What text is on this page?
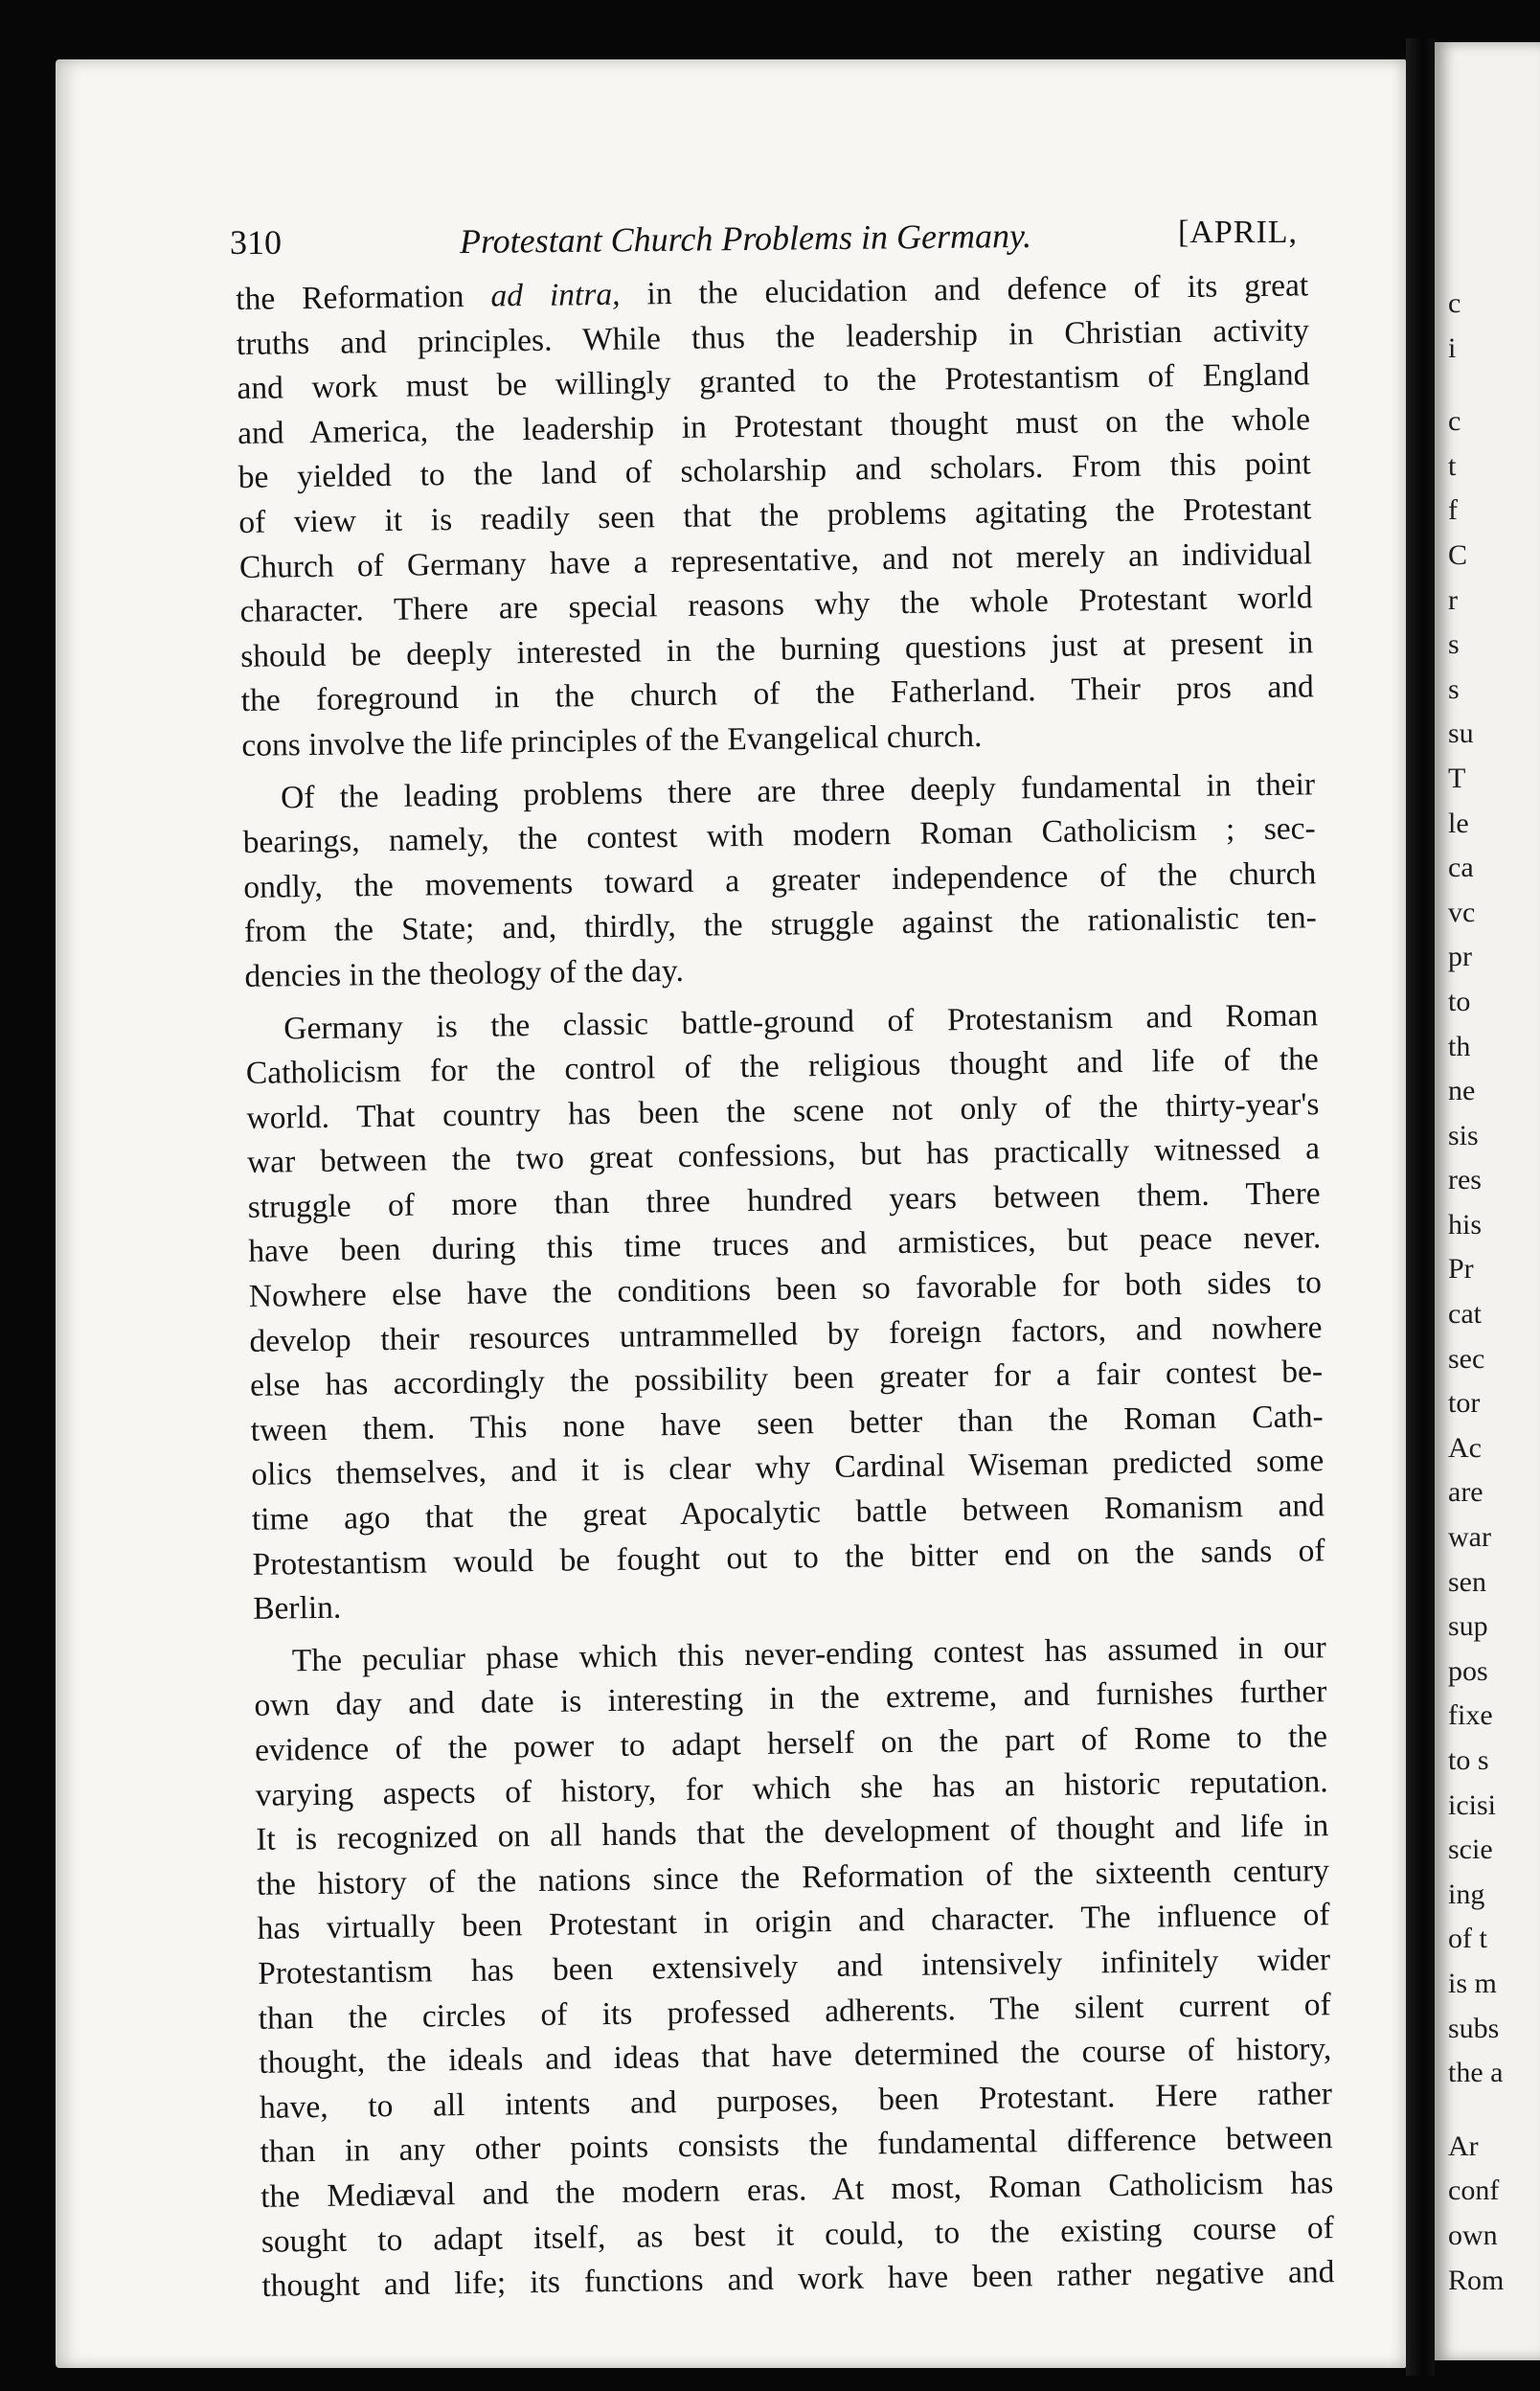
310	Protestant Church Problems in Germany.	[APRIL,
the Reformation ad intra, in the elucidation and defence of its great
truths and principles. While thus the leadership in Christian activity
and work must be willingly granted to the Protestantism of England
and America, the leadership in Protestant thought must on the whole
be yielded to the land of scholarship and scholars. From this point
of view it is readily seen that the problems agitating the Protestant
Church of Germany have a representative, and not merely an individual
character. There are special reasons why the whole Protestant world
should be deeply interested in the burning questions just at present in
the foreground in the church of the Fatherland. Their pros and
cons involve the life principles of the Evangelical church.
Of the leading problems there are three deeply fundamental in their
bearings, namely, the contest with modern Roman Catholicism ; sec-
ondly, the movements toward a greater independence of the church
from the State; and, thirdly, the struggle against the rationalistic ten-
dencies in the theology of the day.
Germany is the classic battle-ground of Protestanism and Roman
Catholicism for the control of the religious thought and life of the
world. That country has been the scene not only of the thirty-year's
war between the two great confessions, but has practically witnessed a
struggle of more than three hundred years between them. There
have been during this time truces and armistices, but peace never.
Nowhere else have the conditions been so favorable for both sides to
develop their resources untrammelled by foreign factors, and nowhere
else has accordingly the possibility been greater for a fair contest be-
tween them. This none have seen better than the Roman Cath-
olics themselves, and it is clear why Cardinal Wiseman predicted some
time ago that the great Apocalytic battle between Romanism and
Protestantism would be fought out to the bitter end on the sands of
Berlin.
The peculiar phase which this never-ending contest has assumed in our
own day and date is interesting in the extreme, and furnishes further
evidence of the power to adapt herself on the part of Rome to the
varying aspects of history, for which she has an historic reputation.
It is recognized on all hands that the development of thought and life in
the history of the nations since the Reformation of the sixteenth century
has virtually been Protestant in origin and character. The influence of
Protestantism has been extensively and intensively infinitely wider
than the circles of its professed adherents. The silent current of
thought, the ideals and ideas that have determined the course of history,
have, to all intents and purposes, been Protestant. Here rather
than in any other points consists the fundamental difference between
the Mediæval and the modern eras. At most, Roman Catholicism has
sought to adapt itself, as best it could, to the existing course of
thought and life; its functions and work have been rather negative and
c
i
c
t
f
C
r
s
s
su
T
le
ca
vc
pr
to
th
ne
sis
res
his
Pr
cat
sec
tor
Ac
are
war
sen
sup
pos
fixe
to s
icisi
scie
ing
of t
is m
subs
the a
Ar
conf
own
Rom
